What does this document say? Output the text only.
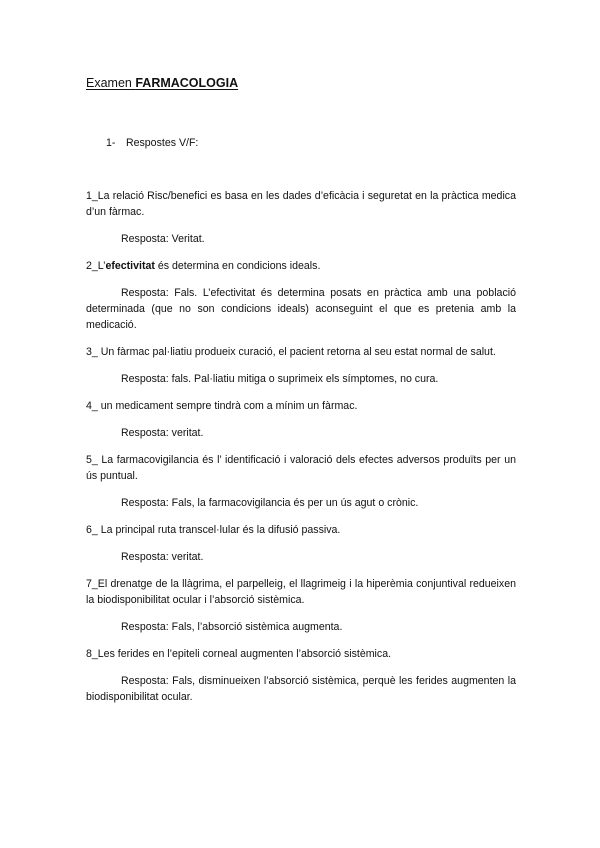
Examen FARMACOLOGIA
1- Respostes V/F:

1_La relació Risc/benefici es basa en les dades d’eficàcia i seguretat en la pràctica medica d’un fàrmac.

Resposta: Veritat.

2_L’efectivitat és determina en condicions ideals.

Resposta: Fals. L’efectivitat és determina posats en pràctica amb una població determinada (que no son condicions ideals) aconseguint el que es pretenia amb la medicació.

3_ Un fàrmac pal·liatiu produeix curació, el pacient retorna al seu estat normal de salut.

Resposta: fals. Pal·liatiu mitiga o suprimeix els símptomes, no cura.

4_ un medicament sempre tindrà com a mínim un fàrmac.

Resposta: veritat.

5_ La farmacovigilancia és l’ identificació i valoració dels efectes adversos produïts per un ús puntual.

Resposta: Fals, la farmacovigilancia és per un ús agut o crònic.

6_ La principal ruta transcel·lular és la difusió passiva.

Resposta: veritat.

7_El drenatge de la llàgrima, el parpelleig, el llagrimeig i la hiperèmia conjuntival redueixen la biodisponibilitat ocular i l’absorció sistèmica.

Resposta: Fals, l’absorció sistèmica augmenta.

8_Les ferides en l’epiteli corneal augmenten l’absorció sistèmica.

Resposta: Fals, disminueixen l’absorció sistèmica, perquè les ferides augmenten la biodisponibilitat ocular.
